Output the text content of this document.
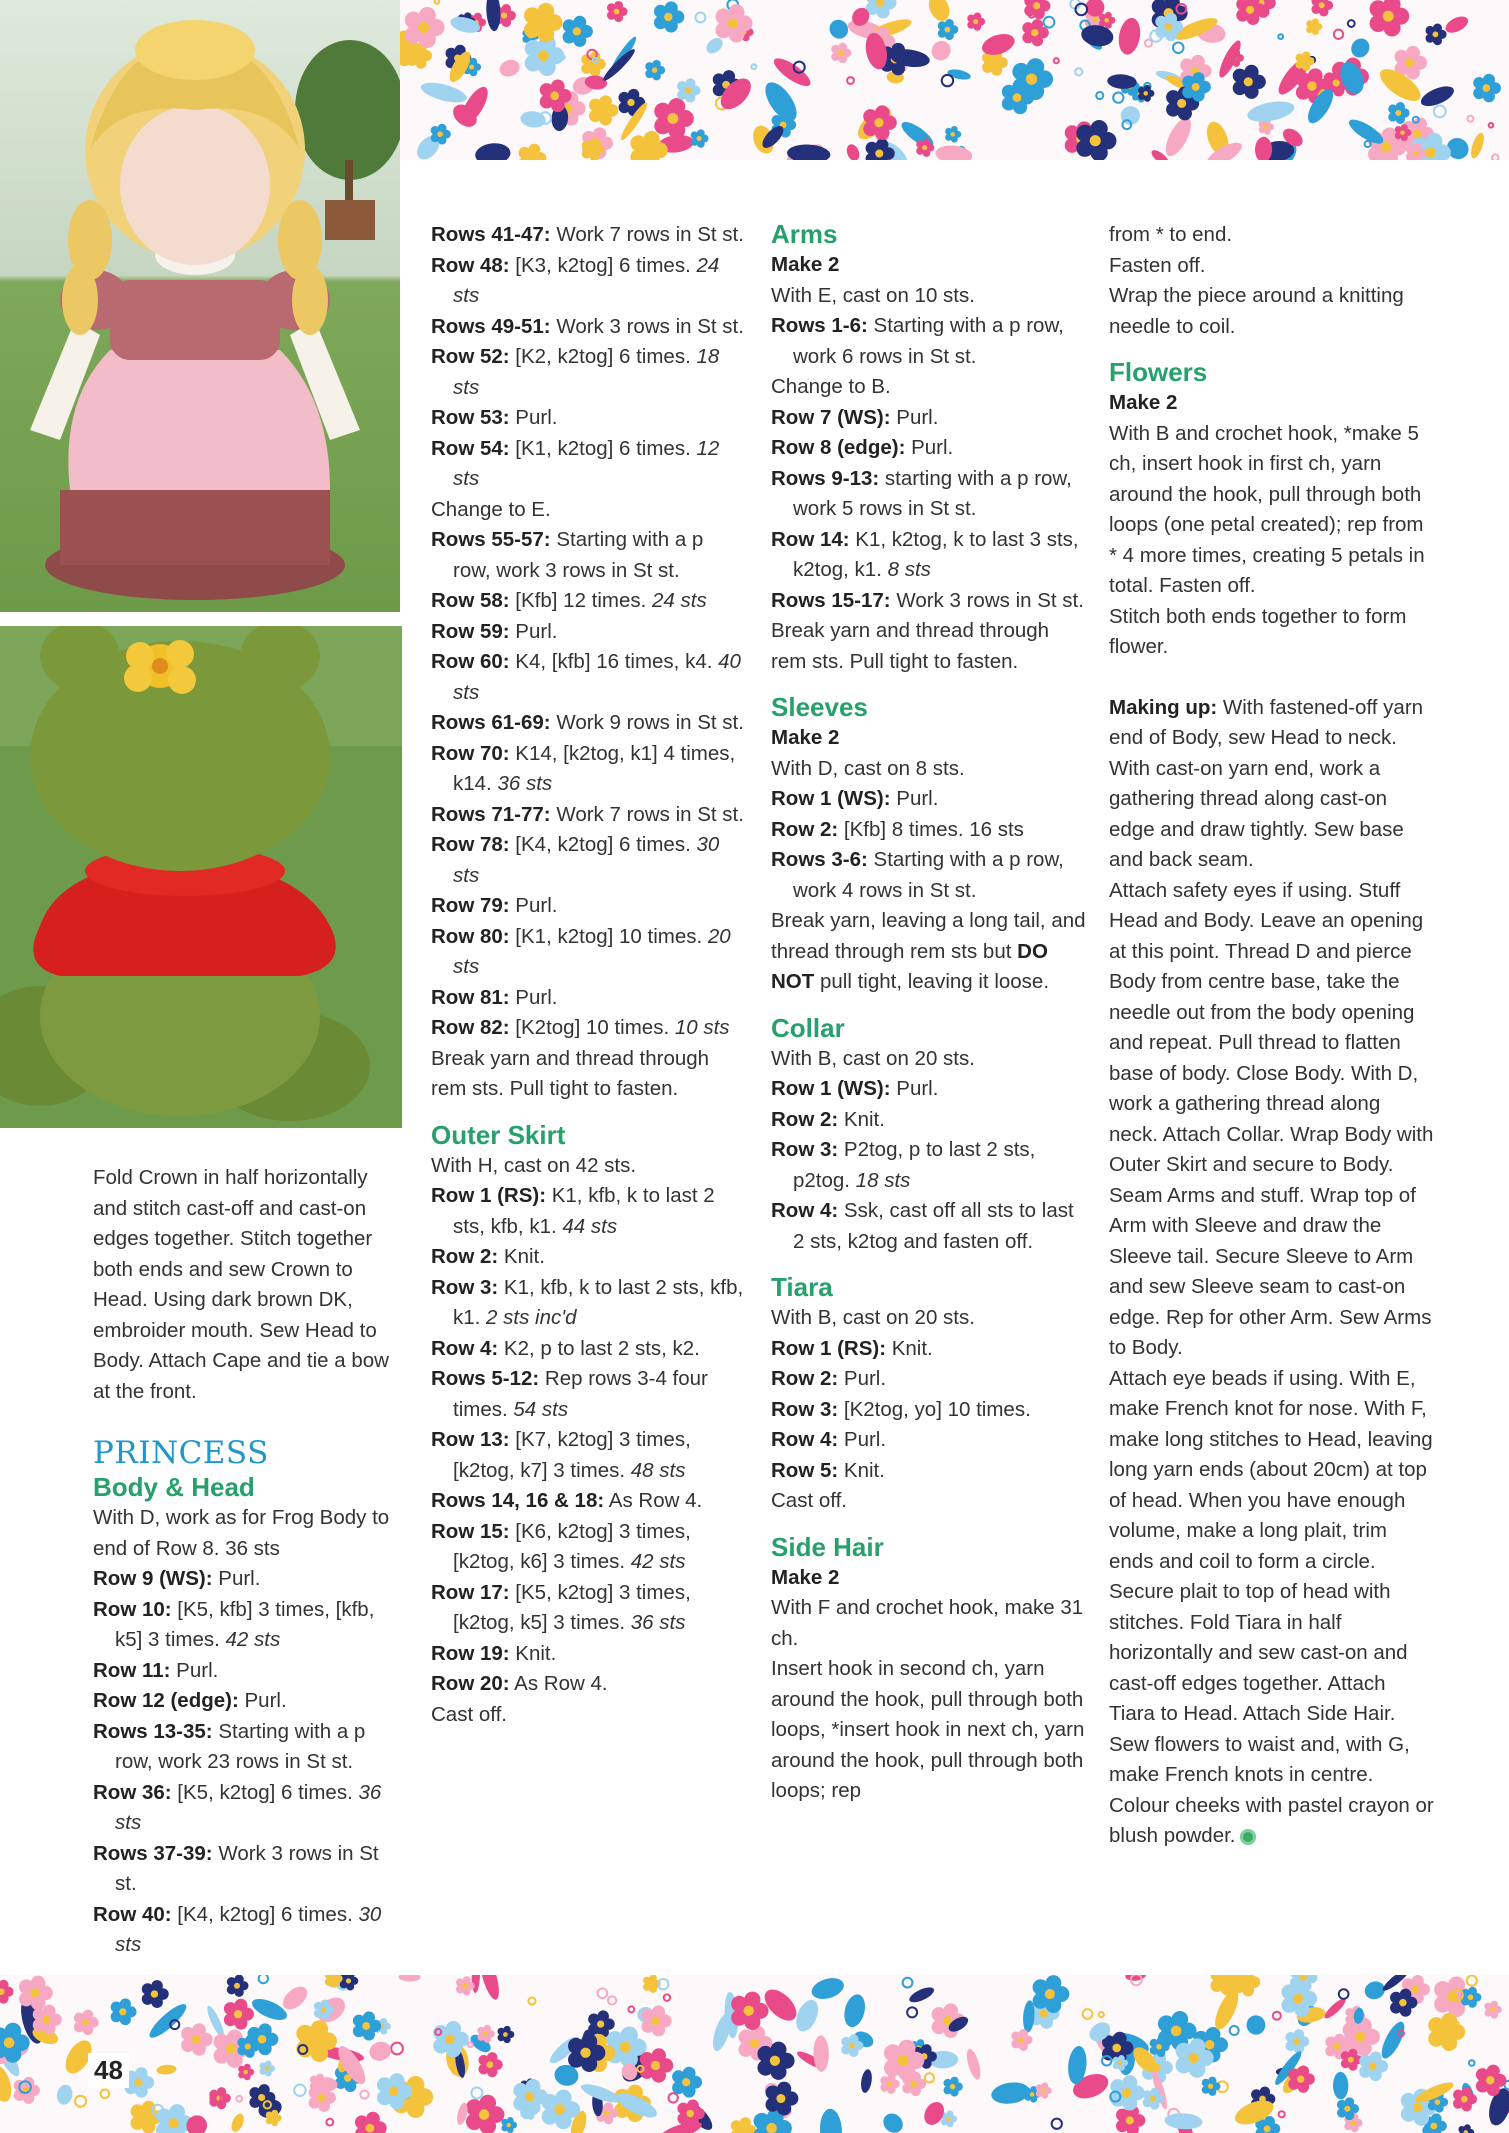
48

Fold Crown in half horizontally and stitch cast-off and cast-on edges together. Stitch together both ends and sew Crown to Head. Using dark brown DK, embroider mouth. Sew Head to Body. Attach Cape and tie a bow at the front.

PRINCESS

Body & Head

With D, work as for Frog Body to end of Row 8. 36 sts

Row 9 (WS): Purl.

Row 10: [K5, kfb] 3 times, [kfb, k5] 3 times. 42 sts

Row 11: Purl.

Row 12 (edge): Purl.

Rows 13-35: Starting with a p row, work 23 rows in St st.

Row 36: [K5, k2tog] 6 times. 36 sts

Rows 37-39: Work 3 rows in St st.

Row 40: [K4, k2tog] 6 times. 30 sts

Rows 41-47: Work 7 rows in St st.

Row 48: [K3, k2tog] 6 times. 24 sts

Rows 49-51: Work 3 rows in St st.

Row 52: [K2, k2tog] 6 times. 18 sts

Row 53: Purl.

Row 54: [K1, k2tog] 6 times. 12 sts

Change to E.

Rows 55-57: Starting with a p row, work 3 rows in St st.

Row 58: [Kfb] 12 times. 24 sts

Row 59: Purl.

Row 60: K4, [kfb] 16 times, k4. 40 sts

Rows 61-69: Work 9 rows in St st.

Row 70: K14, [k2tog, k1] 4 times, k14. 36 sts

Rows 71-77: Work 7 rows in St st.

Row 78: [K4, k2tog] 6 times. 30 sts

Row 79: Purl.

Row 80: [K1, k2tog] 10 times. 20 sts

Row 81: Purl.

Row 82: [K2tog] 10 times. 10 sts

Break yarn and thread through rem sts. Pull tight to fasten.

Outer Skirt

With H, cast on 42 sts.

Row 1 (RS): K1, kfb, k to last 2 sts, kfb, k1. 44 sts

Row 2: Knit.

Row 3: K1, kfb, k to last 2 sts, kfb, k1. 2 sts inc'd

Row 4: K2, p to last 2 sts, k2.

Rows 5-12: Rep rows 3-4 four times. 54 sts

Row 13: [K7, k2tog] 3 times, [k2tog, k7] 3 times. 48 sts

Rows 14, 16 & 18: As Row 4.

Row 15: [K6, k2tog] 3 times, [k2tog, k6] 3 times. 42 sts

Row 17: [K5, k2tog] 3 times, [k2tog, k5] 3 times. 36 sts

Row 19: Knit.

Row 20: As Row 4.

Cast off.

Arms

Make 2

With E, cast on 10 sts.

Rows 1-6: Starting with a p row, work 6 rows in St st.

Change to B.

Row 7 (WS): Purl.

Row 8 (edge): Purl.

Rows 9-13: starting with a p row, work 5 rows in St st.

Row 14: K1, k2tog, k to last 3 sts, k2tog, k1. 8 sts

Rows 15-17: Work 3 rows in St st.

Break yarn and thread through rem sts. Pull tight to fasten.

Sleeves

Make 2

With D, cast on 8 sts.

Row 1 (WS): Purl.

Row 2: [Kfb] 8 times. 16 sts

Rows 3-6: Starting with a p row, work 4 rows in St st.

Break yarn, leaving a long tail, and thread through rem sts but DO NOT pull tight, leaving it loose.

Collar

With B, cast on 20 sts.

Row 1 (WS): Purl.

Row 2: Knit.

Row 3: P2tog, p to last 2 sts, p2tog. 18 sts

Row 4: Ssk, cast off all sts to last 2 sts, k2tog and fasten off.

Tiara

With B, cast on 20 sts.

Row 1 (RS): Knit.

Row 2: Purl.

Row 3: [K2tog, yo] 10 times.

Row 4: Purl.

Row 5: Knit.

Cast off.

Side Hair

Make 2

With F and crochet hook, make 31 ch.

Insert hook in second ch, yarn around the hook, pull through both loops, *insert hook in next ch, yarn around the hook, pull through both loops; rep

from * to end.

Fasten off.

Wrap the piece around a knitting needle to coil.

Flowers

Make 2

With B and crochet hook, *make 5 ch, insert hook in first ch, yarn around the hook, pull through both loops (one petal created); rep from * 4 more times, creating 5 petals in total. Fasten off.

Stitch both ends together to form flower.

Making up: With fastened-off yarn end of Body, sew Head to neck. With cast-on yarn end, work a gathering thread along cast-on edge and draw tightly. Sew base and back seam.

Attach safety eyes if using. Stuff Head and Body. Leave an opening at this point. Thread D and pierce Body from centre base, take the needle out from the body opening and repeat. Pull thread to flatten base of body. Close Body. With D, work a gathering thread along neck. Attach Collar. Wrap Body with Outer Skirt and secure to Body. Seam Arms and stuff. Wrap top of Arm with Sleeve and draw the Sleeve tail. Secure Sleeve to Arm and sew Sleeve seam to cast-on edge. Rep for other Arm. Sew Arms to Body.

Attach eye beads if using. With E, make French knot for nose. With F, make long stitches to Head, leaving long yarn ends (about 20cm) at top of head. When you have enough volume, make a long plait, trim ends and coil to form a circle. Secure plait to top of head with stitches. Fold Tiara in half horizontally and sew cast-on and cast-off edges together. Attach Tiara to Head. Attach Side Hair. Sew flowers to waist and, with G, make French knots in centre. Colour cheeks with pastel crayon or blush powder.
